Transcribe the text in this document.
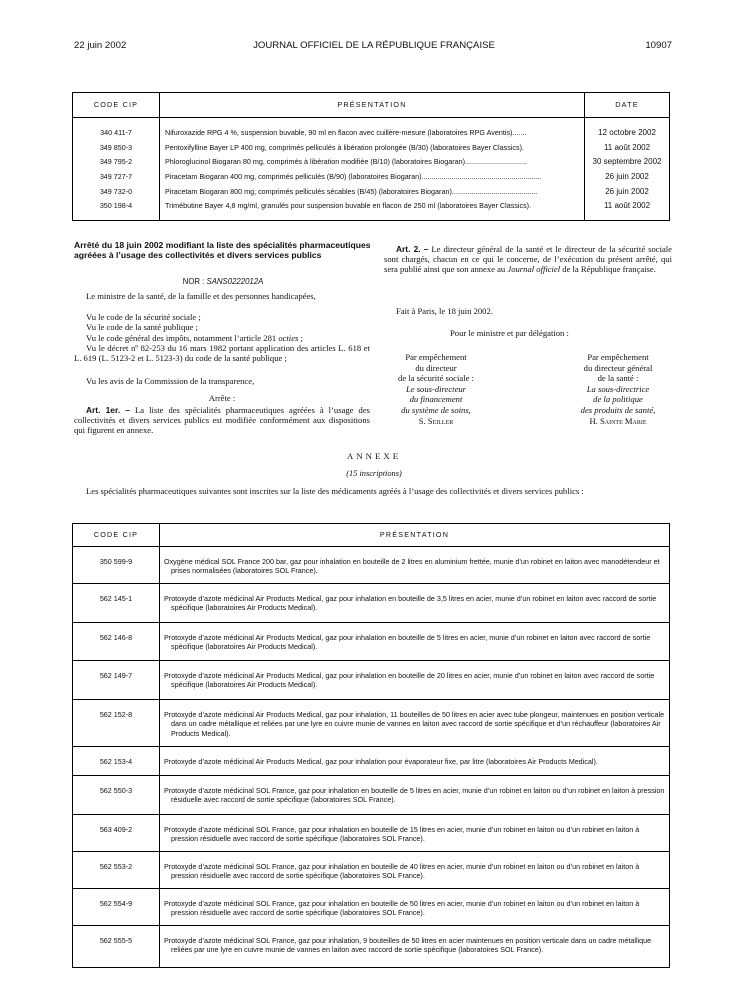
22 juin 2002	JOURNAL OFFICIEL DE LA RÉPUBLIQUE FRANÇAISE	10907
CODE CIP	PRÉSENTATION	DATE
340 411-7	Nifuroxazide RPG 4 %, suspension buvable, 90 ml en flacon avec cuillère-mesure (laboratoires RPG Aventis).......	12 octobre 2002
349 850-3	Pentoxifylline Bayer LP 400 mg, comprimés pelliculés à libération prolongée (B/30) (laboratoires Bayer Classics).	11 août 2002
349 795-2	Phloroglucinol Biogaran 80 mg, comprimés à libération modifiée (B/10) (laboratoires Biogaran)...............................	30 septembre 2002
349 727-7	Piracetam Biogaran 400 mg, comprimés pelliculés (B/90) (laboratoires Biogaran)............................................................	26 juin 2002
349 732-0	Piracetam Biogaran 800 mg, comprimés pelliculés sécables (B/45) (laboratoires Biogaran)...........................................	26 juin 2002
350 198-4	Trimébutine Bayer 4,8 mg/ml, granulés pour suspension buvable en flacon de 250 ml (laboratoires Bayer Classics).	11 août 2002
Arrêté du 18 juin 2002 modifiant la liste des spécialités pharmaceutiques agréées à l’usage des collectivités et divers services publics
NOR : SANS0222012A
Le ministre de la santé, de la famille et des personnes handicapées,
Vu le code de la sécurité sociale ;
Vu le code de la santé publique ;
Vu le code général des impôts, notamment l’article 281 octies ;
Vu le décret nº 82-253 du 16 mars 1982 portant application des articles L. 618 et L. 619 (L. 5123-2 et L. 5123-3) du code de la santé publique ;
Vu les avis de la Commission de la transparence,
Arrête :
Art. 1er. – La liste des spécialités pharmaceutiques agréées à l’usage des collectivités et divers services publics est modifiée conformément aux dispositions qui figurent en annexe.
Art. 2. – Le directeur général de la santé et le directeur de la sécurité sociale sont chargés, chacun en ce qui le concerne, de l’exécution du présent arrêté, qui sera publié ainsi que son annexe au Journal officiel de la République française.
Fait à Paris, le 18 juin 2002.
Pour le ministre et par délégation :
Par empêchement
du directeur
de la sécurité sociale :
Le sous-directeur
du financement
du système de soins,
S. Seiller
Par empêchement
du directeur général
de la santé :
La sous-directrice
de la politique
des produits de santé,
H. Sainte Marie
ANNEXE
(15 inscriptions)
Les spécialités pharmaceutiques suivantes sont inscrites sur la liste des médicaments agréés à l’usage des collectivités et divers services publics :
CODE CIP	PRÉSENTATION
350 599-9	Oxygène médical SOL France 200 bar, gaz pour inhalation en bouteille de 2 litres en aluminium frettée, munie d’un robinet en laiton avec manodétendeur et prises normalisées (laboratoires SOL France).

562 145-1	Protoxyde d’azote médicinal Air Products Medical, gaz pour inhalation en bouteille de 3,5 litres en acier, munie d’un robinet en laiton avec raccord de sortie spécifique (laboratoires Air Products Medical).

562 146-8	Protoxyde d’azote médicinal Air Products Medical, gaz pour inhalation en bouteille de 5 litres en acier, munie d’un robinet en laiton avec raccord de sortie spécifique (laboratoires Air Products Medical).

562 149-7	Protoxyde d’azote médicinal Air Products Medical, gaz pour inhalation en bouteille de 20 litres en acier, munie d’un robinet en laiton avec raccord de sortie spécifique (laboratoires Air Products Medical).

562 152-8	Protoxyde d’azote médicinal Air Products Medical, gaz pour inhalation, 11 bouteilles de 50 litres en acier avec tube plongeur, maintenues en position verticale dans un cadre métallique et reliées par une lyre en cuivre munie de vannes en laiton avec raccord de sortie spécifique et d’un réchauffeur (laboratoires Air Products Medical).

562 153-4	Protoxyde d’azote médicinal Air Products Medical, gaz pour inhalation pour évaporateur fixe, par litre (laboratoires Air Products Medical).

562 550-3	Protoxyde d’azote médicinal SOL France, gaz pour inhalation en bouteille de 5 litres en acier, munie d’un robinet en laiton ou d’un robinet en laiton à pression résiduelle avec raccord de sortie spécifique (laboratoires SOL France).

563 409-2	Protoxyde d’azote médicinal SOL France, gaz pour inhalation en bouteille de 15 litres en acier, munie d’un robinet en laiton ou d’un robinet en laiton à pression résiduelle avec raccord de sortie spécifique (laboratoires SOL France).

562 553-2	Protoxyde d’azote médicinal SOL France, gaz pour inhalation en bouteille de 40 litres en acier, munie d’un robinet en laiton ou d’un robinet en laiton à pression résiduelle avec raccord de sortie spécifique (laboratoires SOL France).

562 554-9	Protoxyde d’azote médicinal SOL France, gaz pour inhalation en bouteille de 50 litres en acier, munie d’un robinet en laiton ou d’un robinet en laiton à pression résiduelle avec raccord de sortie spécifique (laboratoires SOL France).

562 555-5	Protoxyde d’azote médicinal SOL France, gaz pour inhalation, 9 bouteilles de 50 litres en acier maintenues en position verticale dans un cadre métallique reliées par une lyre en cuivre munie de vannes en laiton avec raccord de sortie spécifique (laboratoires SOL France).
